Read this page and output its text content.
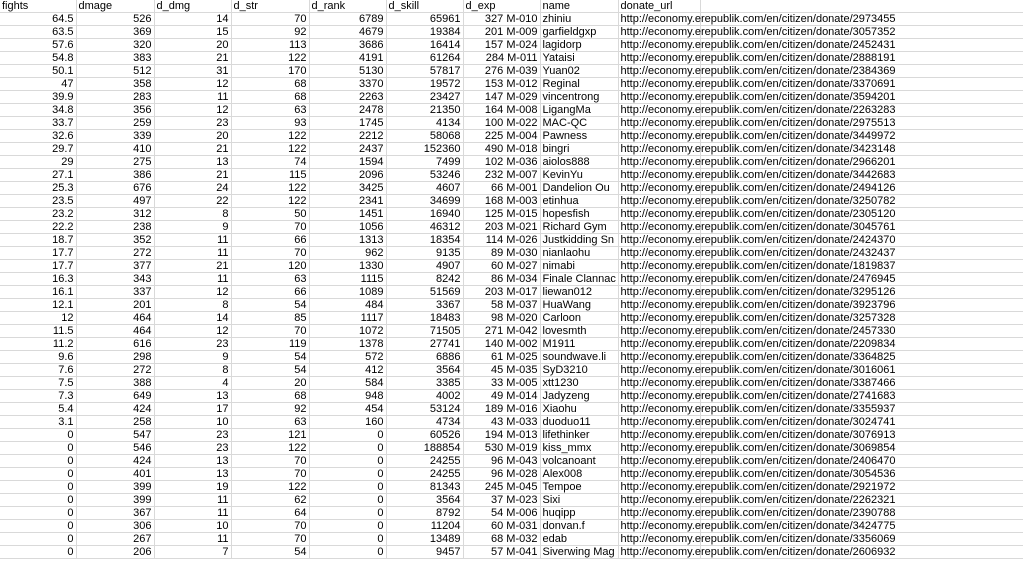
fights	dmage	d_dmg	d_str	d_rank	d_skill	d_exp	name	donate_url	
64.5	526	14	70	6789	65961	327 M-010	zhiniu	http://economy.erepublik.com/en/citizen/donate/2973455	
63.5	369	15	92	4679	19384	201 M-009	garfieldgxp	http://economy.erepublik.com/en/citizen/donate/3057352	
57.6	320	20	113	3686	16414	157 M-024	lagidorp	http://economy.erepublik.com/en/citizen/donate/2452431	
54.8	383	21	122	4191	61264	284 M-011	Yataisi	http://economy.erepublik.com/en/citizen/donate/2888191	
50.1	512	31	170	5130	57817	276 M-039	Yuan02	http://economy.erepublik.com/en/citizen/donate/2384369	
47	358	12	68	3370	19572	153 M-012	Reginal	http://economy.erepublik.com/en/citizen/donate/3370691	
39.9	283	11	68	2263	23427	147 M-029	vincentrong	http://economy.erepublik.com/en/citizen/donate/3594201	
34.8	356	12	63	2478	21350	164 M-008	LigangMa	http://economy.erepublik.com/en/citizen/donate/2263283	
33.7	259	23	93	1745	4134	100 M-022	MAC-QC	http://economy.erepublik.com/en/citizen/donate/2975513	
32.6	339	20	122	2212	58068	225 M-004	Pawness	http://economy.erepublik.com/en/citizen/donate/3449972	
29.7	410	21	122	2437	152360	490 M-018	bingri	http://economy.erepublik.com/en/citizen/donate/3423148	
29	275	13	74	1594	7499	102 M-036	aiolos888	http://economy.erepublik.com/en/citizen/donate/2966201	
27.1	386	21	115	2096	53246	232 M-007	KevinYu	http://economy.erepublik.com/en/citizen/donate/3442683	
25.3	676	24	122	3425	4607	66 M-001	Dandelion Ou	http://economy.erepublik.com/en/citizen/donate/2494126	
23.5	497	22	122	2341	34699	168 M-003	etinhua	http://economy.erepublik.com/en/citizen/donate/3250782	
23.2	312	8	50	1451	16940	125 M-015	hopesfish	http://economy.erepublik.com/en/citizen/donate/2305120	
22.2	238	9	70	1056	46312	203 M-021	Richard Gym	http://economy.erepublik.com/en/citizen/donate/3045761	
18.7	352	11	66	1313	18354	114 M-026	Justkidding Sn	http://economy.erepublik.com/en/citizen/donate/2424370	
17.7	272	11	70	962	9135	89 M-030	nianlaohu	http://economy.erepublik.com/en/citizen/donate/2432437	
17.7	377	21	120	1330	4907	60 M-027	nimabi	http://economy.erepublik.com/en/citizen/donate/1819837	
16.3	343	11	63	1115	8242	86 M-034	Finale Clannac	http://economy.erepublik.com/en/citizen/donate/2476945	
16.1	337	12	66	1089	51569	203 M-017	liewan012	http://economy.erepublik.com/en/citizen/donate/3295126	
12.1	201	8	54	484	3367	58 M-037	HuaWang	http://economy.erepublik.com/en/citizen/donate/3923796	
12	464	14	85	1117	18483	98 M-020	Carloon	http://economy.erepublik.com/en/citizen/donate/3257328	
11.5	464	12	70	1072	71505	271 M-042	lovesmth	http://economy.erepublik.com/en/citizen/donate/2457330	
11.2	616	23	119	1378	27741	140 M-002	M1911	http://economy.erepublik.com/en/citizen/donate/2209834	
9.6	298	9	54	572	6886	61 M-025	soundwave.li	http://economy.erepublik.com/en/citizen/donate/3364825	
7.6	272	8	54	412	3564	45 M-035	SyD3210	http://economy.erepublik.com/en/citizen/donate/3016061	
7.5	388	4	20	584	3385	33 M-005	xtt1230	http://economy.erepublik.com/en/citizen/donate/3387466	
7.3	649	13	68	948	4002	49 M-014	Jadyzeng	http://economy.erepublik.com/en/citizen/donate/2741683	
5.4	424	17	92	454	53124	189 M-016	Xiaohu	http://economy.erepublik.com/en/citizen/donate/3355937	
3.1	258	10	63	160	4734	43 M-033	duoduo11	http://economy.erepublik.com/en/citizen/donate/3024741	
0	547	23	121	0	60526	194 M-013	lifethinker	http://economy.erepublik.com/en/citizen/donate/3076913	
0	546	23	122	0	188854	530 M-019	kiss_mmx	http://economy.erepublik.com/en/citizen/donate/3069854	
0	424	13	70	0	24255	96 M-043	volcanoant	http://economy.erepublik.com/en/citizen/donate/2406470	
0	401	13	70	0	24255	96 M-028	Alex008	http://economy.erepublik.com/en/citizen/donate/3054536	
0	399	19	122	0	81343	245 M-045	Tempoe	http://economy.erepublik.com/en/citizen/donate/2921972	
0	399	11	62	0	3564	37 M-023	Sixi	http://economy.erepublik.com/en/citizen/donate/2262321	
0	367	11	64	0	8792	54 M-006	huqipp	http://economy.erepublik.com/en/citizen/donate/2390788	
0	306	10	70	0	11204	60 M-031	donvan.f	http://economy.erepublik.com/en/citizen/donate/3424775	
0	267	11	70	0	13489	68 M-032	edab	http://economy.erepublik.com/en/citizen/donate/3356069	
0	206	7	54	0	9457	57 M-041	Siverwing Mag	http://economy.erepublik.com/en/citizen/donate/2606932	
